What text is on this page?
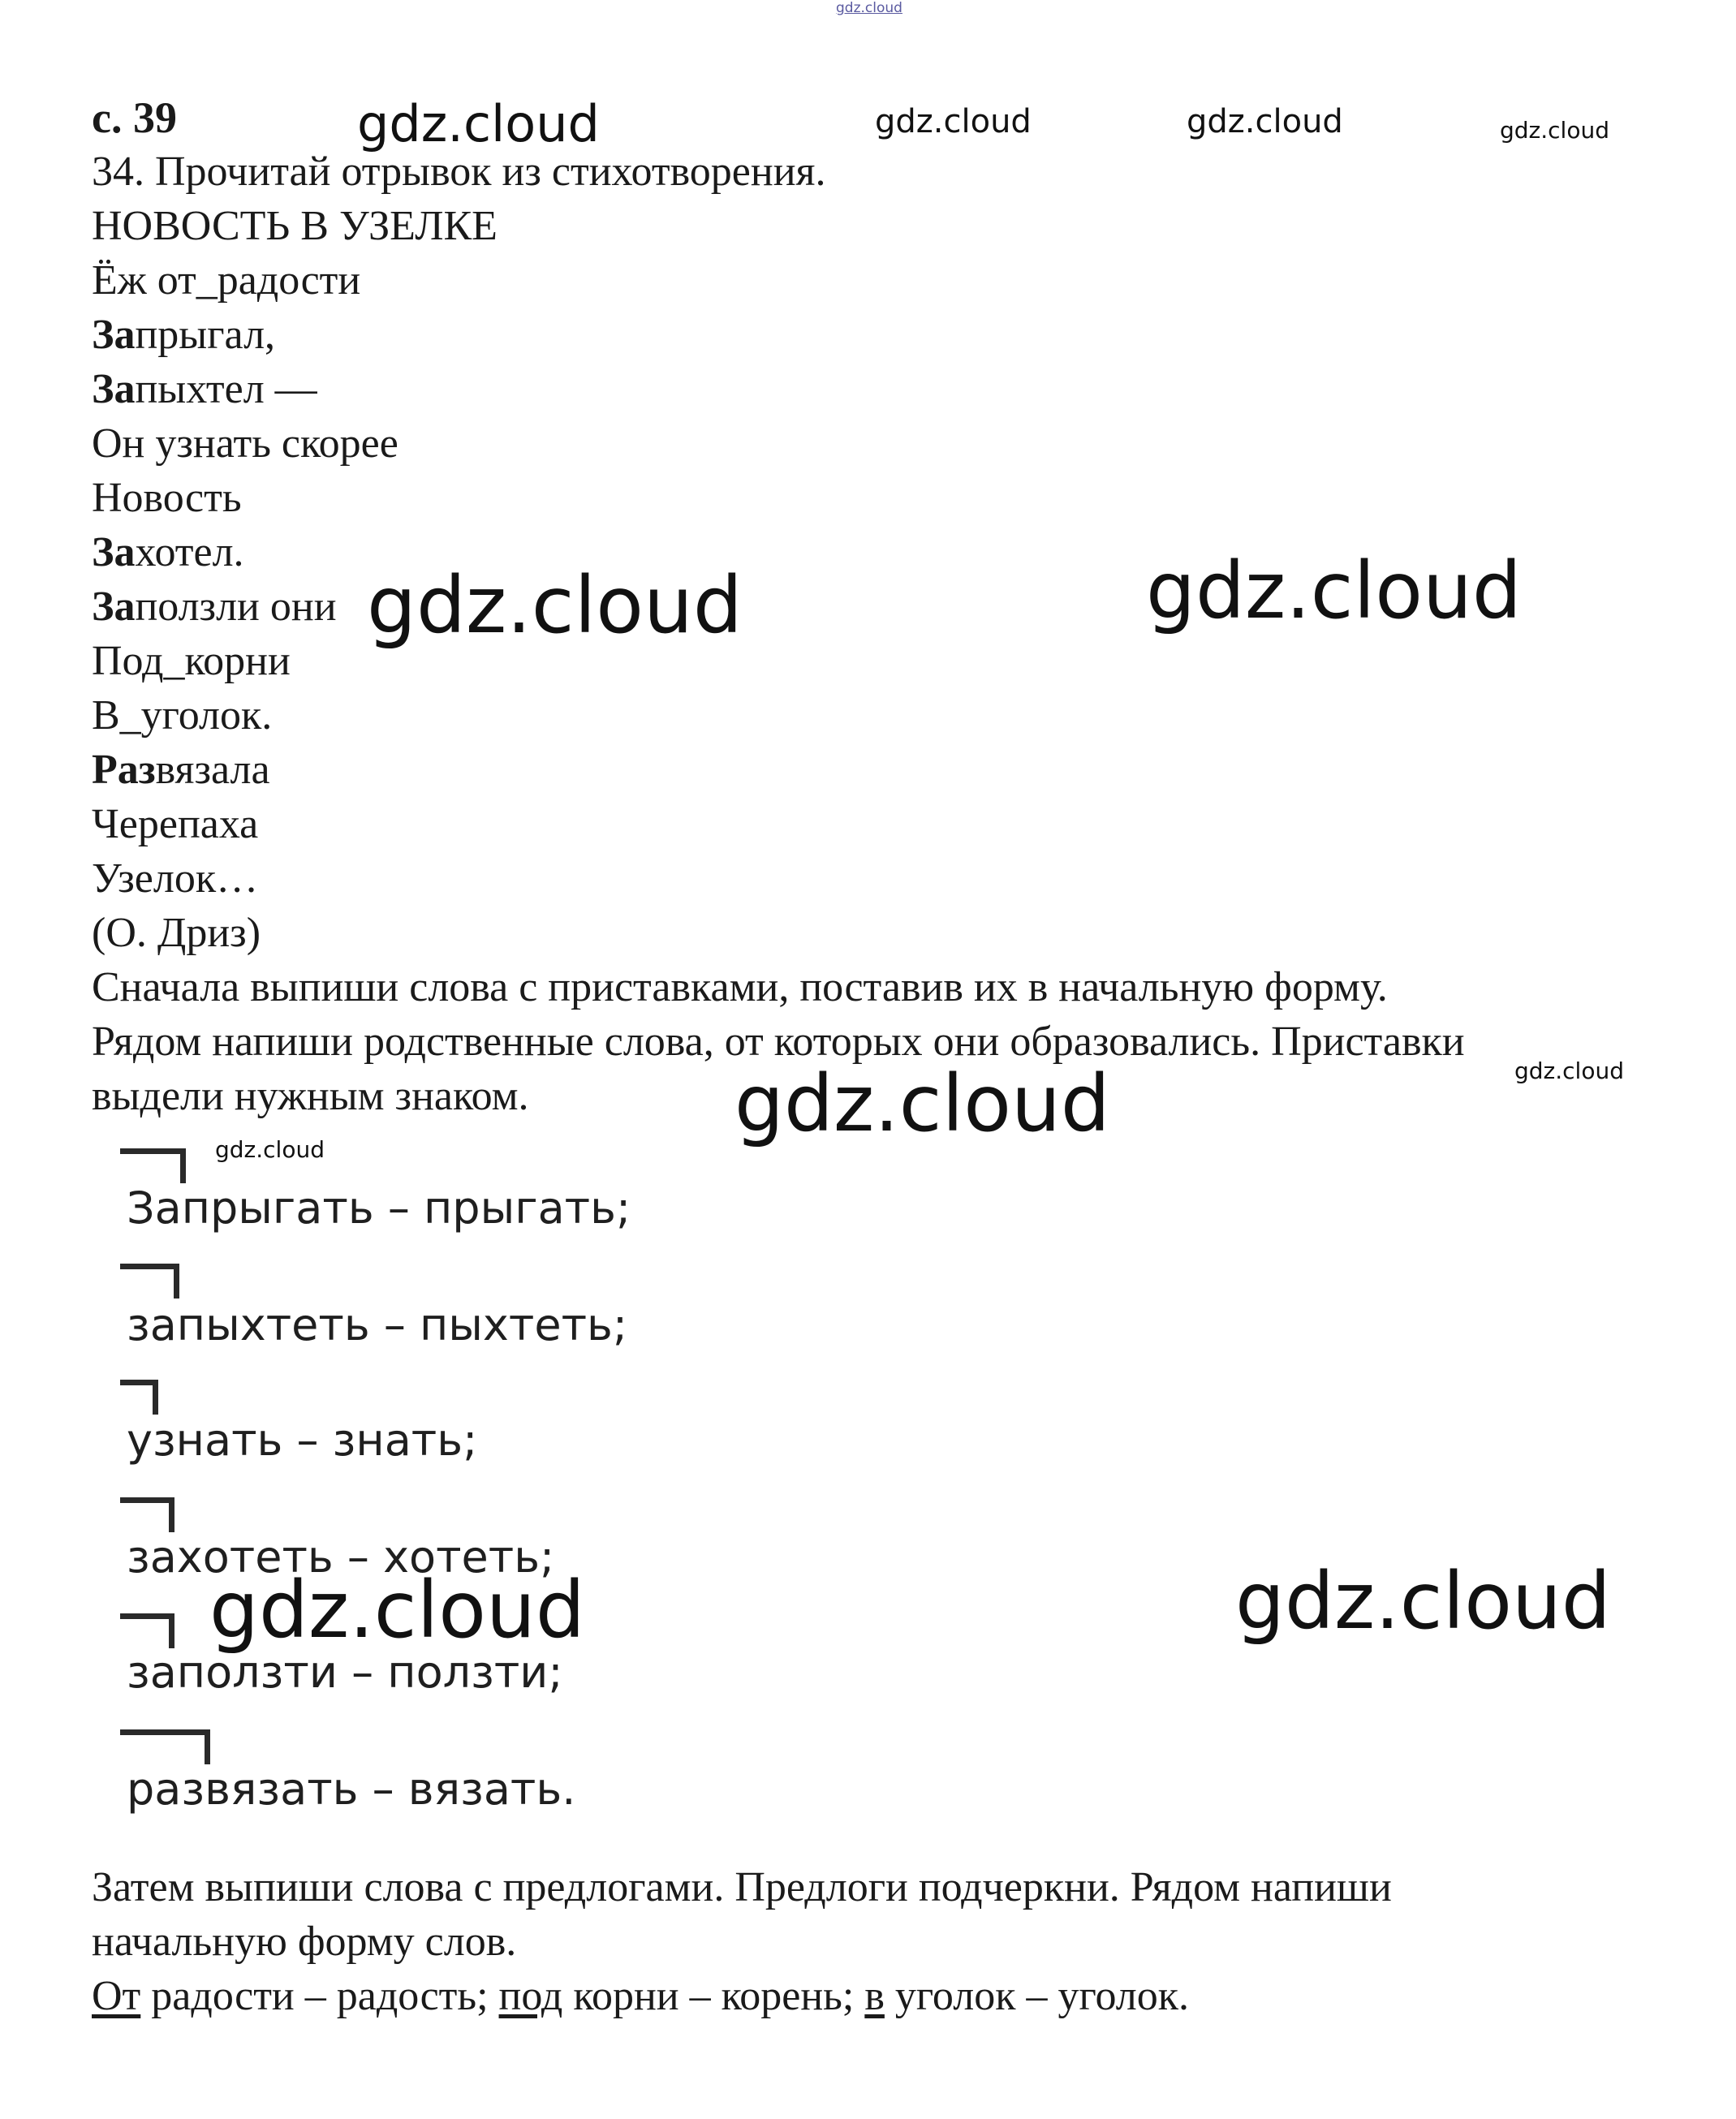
gdz.cloud
с. 39	gdz.cloud	gdz.cloud	gdz.cloud	gdz.cloud
34. Прочитай отрывок из стихотворения.
НОВОСТЬ В УЗЕЛКЕ
Ёж от_радости
Запрыгал,
Запыхтел —
Он узнать скорее
Новость
Захотел.
Заползли они
Под_корни
В_уголок.
Развязала
Черепаха
Узелок…
(О. Дриз)
gdz.cloud	gdz.cloud
Сначала выпиши слова с приставками, поставив их в начальную форму.
Рядом напиши родственные слова, от которых они образовались. Приставки
выдели нужным знаком.
gdz.cloud
gdz.cloud
gdz.cloud
Запрыгать – прыгать;
запыхтеть – пыхтеть;
узнать – знать;
захотеть – хотеть;
заползти – ползти;
развязать – вязать.
gdz.cloud	gdz.cloud
Затем выпиши слова с предлогами. Предлоги подчеркни. Рядом напиши
начальную форму слов.
От радости – радость; под корни – корень; в уголок – уголок.
